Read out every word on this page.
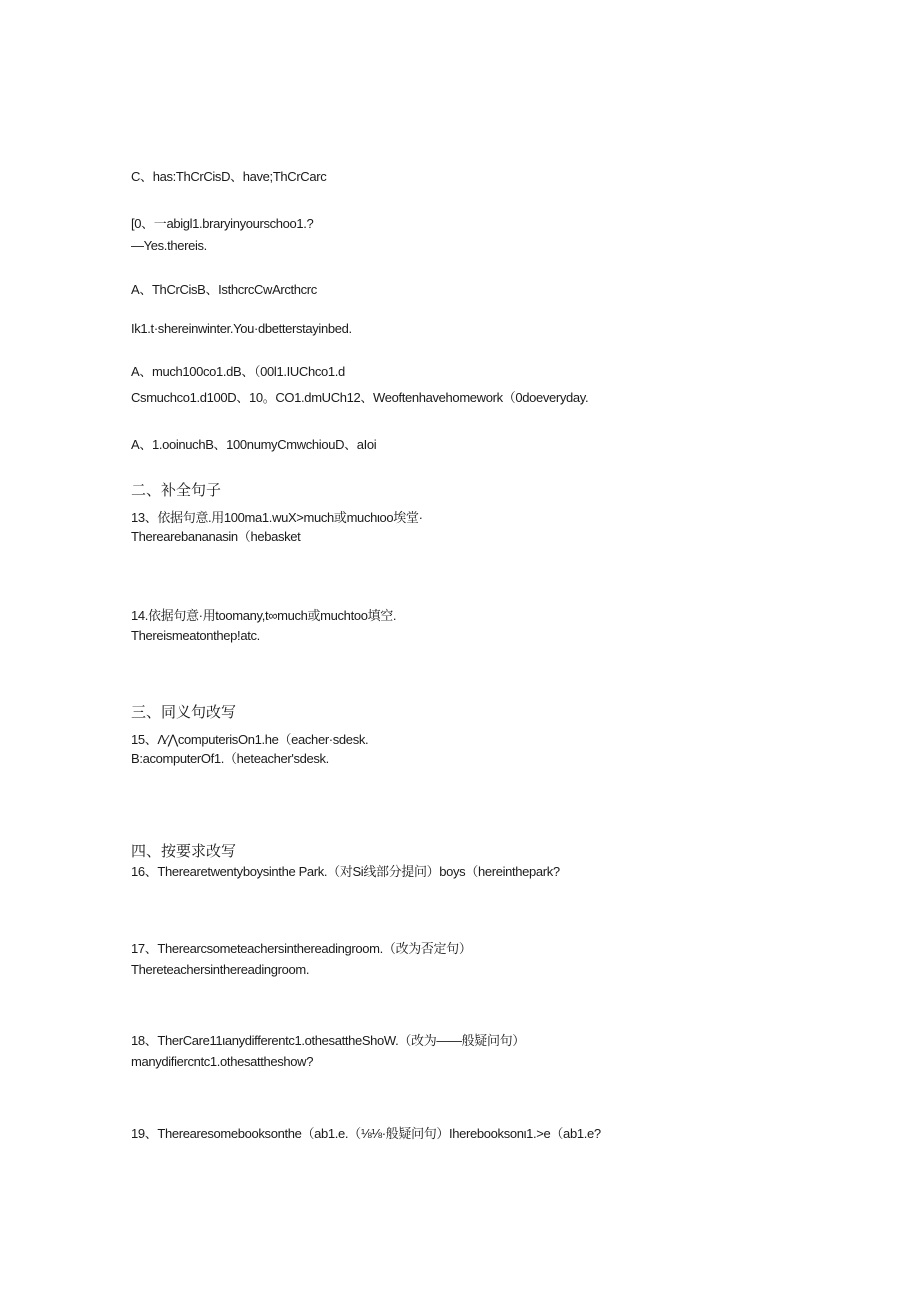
C、has:ThCrCisD、have;ThCrCarc
[0、一abigl1.braryinyourschoo1.?
—Yes.thereis.
A、ThCrCisB、IsthcrcCwArcthcrc
Ik1.t·shereinwinter.You·dbetterstayinbed.
A、much100co1.dB、（00l1.IUChco1.d
Csmuchco1.d100D、10。CO1.dmUCh12、Weoftenhavehomework（0doeveryday.
A、1.ooinuchB、100numyCmwchiouD、aIoi
二、补全句子
13、依据句意.用100ma1.wuX>much或muchιoo埃堂·
Therearebananasin（hebasket
14.依据句意·用toomany,t∞much或muchtoo填空.
Thereismeatonthep!atc.
三、同义句改写
15、Λ∕⋀computerisOn1.he（eacher·sdesk.
B:acomputerOf1.（heteacher'sdesk.
四、按要求改写
16、Therearetwentyboysinthe Park.（对Si线部分提问）boys（hereinthepark?
17、Therearcsometeachersinthereadingroom.（改为否定句）
Thereteachersinthereadingroom.
18、TherCare11ιanydifferentc1.othesattheShoW.（改为——般疑问句）
manydifiercntc1.othesattheshow?
19、Therearesomebooksonthe（ab1.e.（⅛⅛·般疑问句）Iherebooksonι1.>e（ab1.e?
